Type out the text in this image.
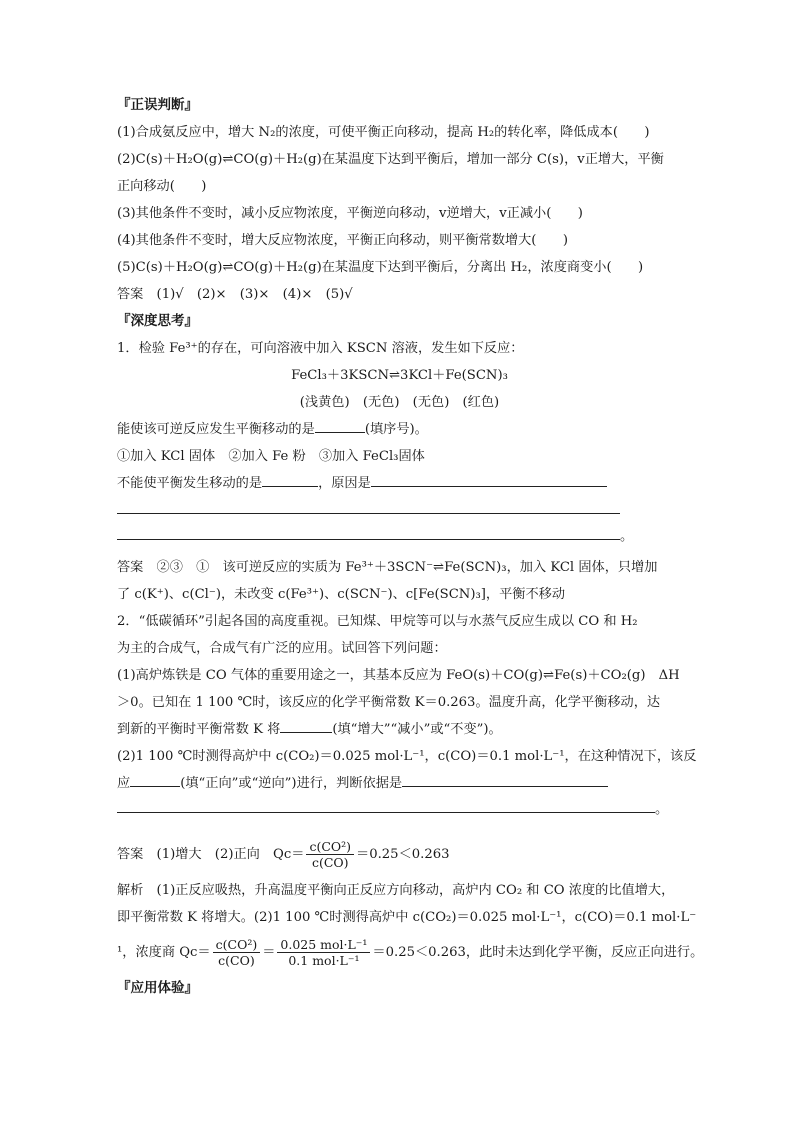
『正误判断』
(1)合成氨反应中，增大 N₂的浓度，可使平衡正向移动，提高 H₂的转化率，降低成本(　　)
(2)C(s)＋H₂O(g)⇌CO(g)＋H₂(g)在某温度下达到平衡后，增加一部分 C(s)，v正增大，平衡
正向移动(　　)
(3)其他条件不变时，减小反应物浓度，平衡逆向移动，v逆增大，v正减小(　　)
(4)其他条件不变时，增大反应物浓度，平衡正向移动，则平衡常数增大(　　)
(5)C(s)＋H₂O(g)⇌CO(g)＋H₂(g)在某温度下达到平衡后，分离出 H₂，浓度商变小(　　)
答案　(1)√　(2)×　(3)×　(4)×　(5)√
『深度思考』
1．检验 Fe³⁺的存在，可向溶液中加入 KSCN 溶液，发生如下反应：
FeCl₃＋3KSCN⇌3KCl＋Fe(SCN)₃
(浅黄色)　(无色)　(无色)　(红色)
能使该可逆反应发生平衡移动的是	(填序号)。
①加入 KCl 固体　②加入 Fe 粉　③加入 FeCl₃固体
不能使平衡发生移动的是	，原因是
。
答案　②③　①　该可逆反应的实质为 Fe³⁺＋3SCN⁻⇌Fe(SCN)₃，加入 KCl 固体，只增加
了 c(K⁺)、c(Cl⁻)，未改变 c(Fe³⁺)、c(SCN⁻)、c[Fe(SCN)₃]，平衡不移动
2．“低碳循环”引起各国的高度重视。已知煤、甲烷等可以与水蒸气反应生成以 CO 和 H₂
为主的合成气，合成气有广泛的应用。试回答下列问题：
(1)高炉炼铁是 CO 气体的重要用途之一，其基本反应为 FeO(s)＋CO(g)⇌Fe(s)＋CO₂(g)　ΔH
＞0。已知在 1 100 ℃时，该反应的化学平衡常数 K＝0.263。温度升高，化学平衡移动，达
到新的平衡时平衡常数 K 将	(填“增大”“减小”或“不变”)。
(2)1 100 ℃时测得高炉中 c(CO₂)＝0.025 mol·L⁻¹，c(CO)＝0.1 mol·L⁻¹，在这种情况下，该反
应	(填“正向”或“逆向”)进行，判断依据是
。
答案　(1)增大　(2)正向　$Qc= \frac{\text{c(CO²)}}{c(CO)} =0.25<0.263$
解析　(1)正反应吸热，升高温度平衡向正反应方向移动，高炉内 CO₂ 和 CO 浓度的比值增大，
即平衡常数 K 将增大。(2)1 100 ℃时测得高炉中 c(CO₂)＝0.025 mol·L⁻¹，c(CO)＝0.1 mol·L⁻
¹，浓度商 $Qc= \frac{\text{c(CO²)}}{c(CO)} = \frac{\text{0.025 mol·L⁻¹}}{\text{0.1 mol·L⁻¹}} =0.25<0.263$，此时未达到化学平衡，反应正向进行。
『应用体验』
